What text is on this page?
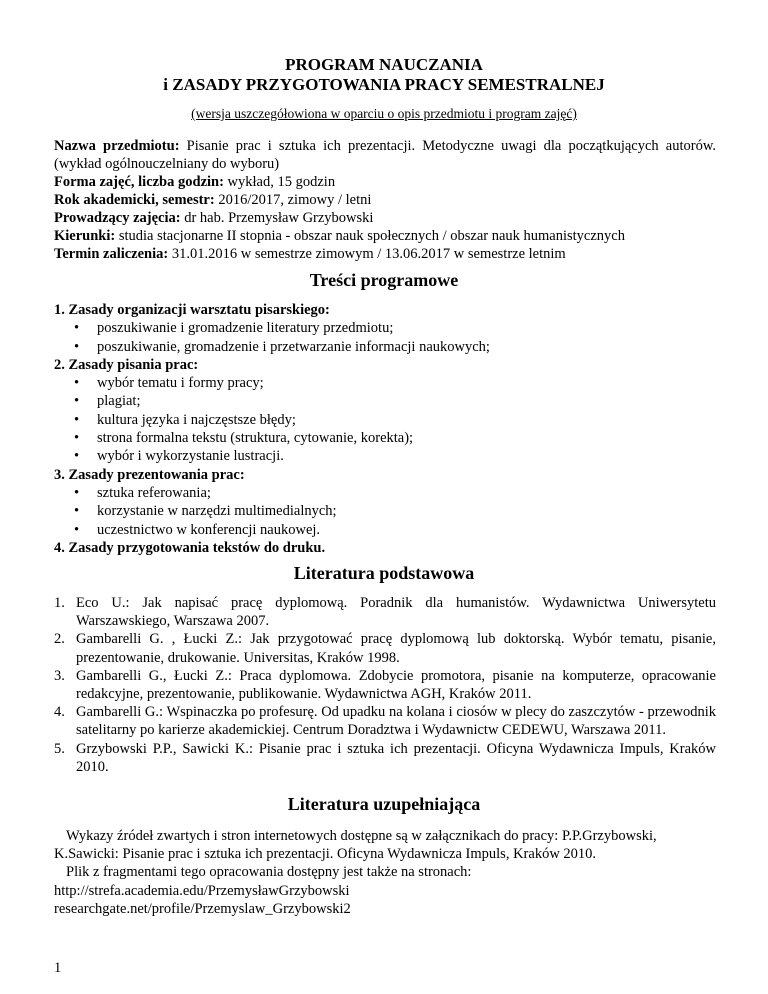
PROGRAM NAUCZANIA
i ZASADY PRZYGOTOWANIA PRACY SEMESTRALNEJ
(wersja uszczegółowiona w oparciu o opis przedmiotu i program zajęć)

Nazwa przedmiotu: Pisanie prac i sztuka ich prezentacji. Metodyczne uwagi dla początkujących autorów. (wykład ogólnouczelniany do wyboru)

Forma zajęć, liczba godzin: wykład, 15 godzin

Rok akademicki, semestr: 2016/2017, zimowy / letni

Prowadzący zajęcia: dr hab. Przemysław Grzybowski

Kierunki: studia stacjonarne II stopnia - obszar nauk społecznych / obszar nauk humanistycznych

Termin zaliczenia: 31.01.2016 w semestrze zimowym / 13.06.2017 w semestrze letnim

Treści programowe

1. Zasady organizacji warsztatu pisarskiego:

• poszukiwanie i gromadzenie literatury przedmiotu;
• poszukiwanie, gromadzenie i przetwarzanie informacji naukowych;

2. Zasady pisania prac:

• wybór tematu i formy pracy;
• plagiat;
• kultura języka i najczęstsze błędy;
• strona formalna tekstu (struktura, cytowanie, korekta);
• wybór i wykorzystanie lustracji.

3. Zasady prezentowania prac:

• sztuka referowania;
• korzystanie w narzędzi multimedialnych;
• uczestnictwo w konferencji naukowej.

4. Zasady przygotowania tekstów do druku.

Literatura podstawowa
1. Eco U.: Jak napisać pracę dyplomową. Poradnik dla humanistów. Wydawnictwa Uniwersytetu Warszawskiego, Warszawa 2007.
2. Gambarelli G. , Łucki Z.: Jak przygotować pracę dyplomową lub doktorską. Wybór tematu, pisanie, prezentowanie, drukowanie. Universitas, Kraków 1998.
3. Gambarelli G., Łucki Z.: Praca dyplomowa. Zdobycie promotora, pisanie na komputerze, opracowanie redakcyjne, prezentowanie, publikowanie. Wydawnictwa AGH, Kraków 2011.
4. Gambarelli G.: Wspinaczka po profesurę. Od upadku na kolana i ciosów w plecy do zaszczytów - przewodnik satelitarny po karierze akademickiej. Centrum Doradztwa i Wydawnictw CEDEWU, Warszawa 2011.
5. Grzybowski P.P., Sawicki K.: Pisanie prac i sztuka ich prezentacji. Oficyna Wydawnicza Impuls, Kraków 2010.
Literatura uzupełniająca

Wykazy źródeł zwartych i stron internetowych dostępne są w załącznikach do pracy: P.P.Grzybowski, K.Sawicki: Pisanie prac i sztuka ich prezentacji. Oficyna Wydawnicza Impuls, Kraków 2010.

Plik z fragmentami tego opracowania dostępny jest także na stronach:

http://strefa.academia.edu/PrzemysławGrzybowski

researchgate.net/profile/Przemyslaw_Grzybowski2

1
